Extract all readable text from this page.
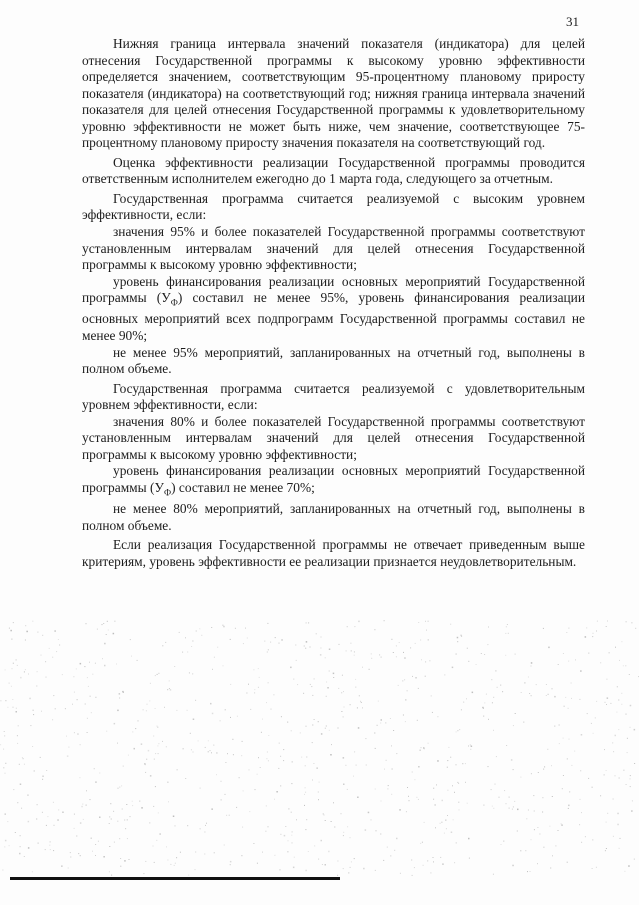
31

Нижняя граница интервала значений показателя (индикатора) для целей отнесения Государственной программы к высокому уровню эффективности определяется значением, соответствующим 95-процентному плановому приросту показателя (индикатора) на соответствующий год; нижняя граница интервала значений показателя для целей отнесения Государственной программы к удовлетворительному уровню эффективности не может быть ниже, чем значение, соответствующее 75-процентному плановому приросту значения показателя на соответствующий год.

Оценка эффективности реализации Государственной программы проводится ответственным исполнителем ежегодно до 1 марта года, следующего за отчетным.

Государственная программа считается реализуемой с высоким уровнем эффективности, если:

значения 95% и более показателей Государственной программы соответствуют установленным интервалам значений для целей отнесения Государственной программы к высокому уровню эффективности;

уровень финансирования реализации основных мероприятий Государственной программы $(У_Ф)$ составил не менее 95%, уровень финансирования реализации основных мероприятий всех подпрограмм Государственной программы составил не менее 90%;

не менее 95% мероприятий, запланированных на отчетный год, выполнены в полном объеме.

Государственная программа считается реализуемой с удовлетворительным уровнем эффективности, если:

значения 80% и более показателей Государственной программы соответствуют установленным интервалам значений для целей отнесения Государственной программы к высокому уровню эффективности;

уровень финансирования реализации основных мероприятий Государственной программы $(У_Ф)$ составил не менее 70%;

не менее 80% мероприятий, запланированных на отчетный год, выполнены в полном объеме.

Если реализация Государственной программы не отвечает приведенным выше критериям, уровень эффективности ее реализации признается неудовлетворительным.
